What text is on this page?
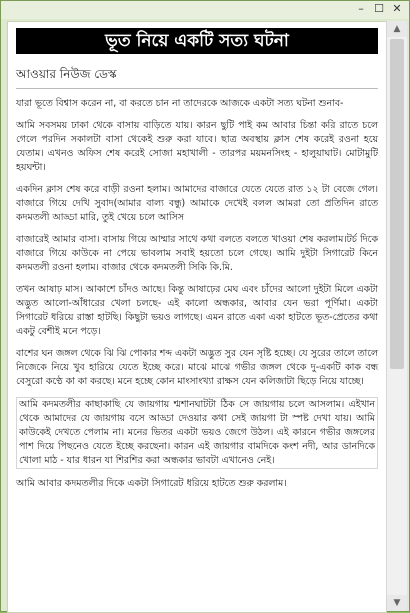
– ☐ ✕
ভূত নিয়ে একটি সত্য ঘটনা
আওয়ার নিউজ ডেস্ক

যারা ভূতে বিশ্বাস করেন না, বা করতে চান না তাদেরকে আজকে একটা সত্য ঘটনা শুনাব-

আমি সবসময় ঢাকা থেকে বাসায় বাড়িতে যায়। কারন ছুটি পাই কম আবার চিন্তা করি রাতে চলে গেলে পরদিন সকালটা বাসা থেকেই শুরু করা যাবে। ছাত্র অবস্থায় ক্লাস শেষ করেই রওনা হয়ে যেতাম। এখনও অফিস শেষ করেই সোজা মহাখালী - তারপর ময়মনসিংহ - হালুয়াঘাট। মোটামুটি হয়ঘন্টা।

একদিন ক্লাস শেষ করে বাড়ী রওনা হলাম। আমাদের বাজারে যেতে যেতে রাত ১২ টা বেজে গেল। বাজারে গিয়ে দেখি সুবাদ(আমার বাল্য বন্ধু) আমাকে দেখেই বলল আমরা তো প্রতিদিন রাতে কদমতলী আড্ডা মারি, তুই খেয়ে চলে আসিস

বাজারেই আমার বাসা। বাসায় গিয়ে আম্মার সাথে কথা বলতে বলতে খাওয়া শেষ করলাম।টর্চ দিকে বাজারে গিয়ে কাউকে না পেয়ে ভাবলাম সবাই হয়তো চলে গেছে। আমি দুইটা সিগারেট কিনে কদমতলী রওনা হলাম। বাজার থেকে কদমতলী সিকি কি.মি.

তখন আষাঢ় মাস। আকাশে চাঁদও আছে। কিন্তু আষাঢ়ের মেঘ এবং চাঁদের আলো দুইটা মিলে একটা অদ্ভুত আলো-আঁধারের খেলা চলছে- এই কালো অন্ধকার, আবার যেন ভরা পূর্ণিমা। একটা সিগারেট ধরিয়ে রাস্তা হাটছি। কিছুটা ভয়ও লাগছে। এমন রাতে একা একা হাটতে ভূত-প্রেতের কথা একটু বেশীই মনে পড়ে।

বাশের ঘন জঙ্গল থেকে ঝি ঝি পোকার শব্দ একটা অদ্ভুত সুর যেন সৃষ্টি হচ্ছে। যে সুরের তালে তালে নিজেকে নিয়ে খুব হারিয়ে যেতে ইচ্ছে করে। মাঝে মাঝে গভীর জঙ্গল থেকে দু-একটি কাক বন্ধ বেসুরো কণ্ঠে কা কা করছে। মনে হচ্ছে কোন মাংসাংখ্যা রাক্ষস যেন কলিজাটা ছিড়ে নিয়ে যাচ্ছে।

আমি কদমতলীর কাছাকাছি যে জায়গায় শ্মশানঘাটটা ঠিক সে জায়গায় চলে আসলাম। এইখান থেকে আমাদের যে জায়গায় বসে আড্ডা দেওয়ার কথা সেই জায়গা টা স্পষ্ট দেখা যায়। আমি কাউকেই দেখতে পেলাম না। মনের ভিতর একটা ভয়ও জেগে উঠল। এই কারনে গভীর জঙ্গলের পাশ দিয়ে পিছনেও যেতে ইচ্ছে করছেনা। কারন এই জায়গার বামদিকে কংশ নদী, আর ডানদিকে খোলা মাঠ - যার ধারন যা শিরশির করা অন্ধকার ভাবটা এখানেও নেই।

আমি আবার কদমতলীর দিকে একটা সিগারেট ধরিয়ে হাটতে শুরু করলাম।

▲
▼
